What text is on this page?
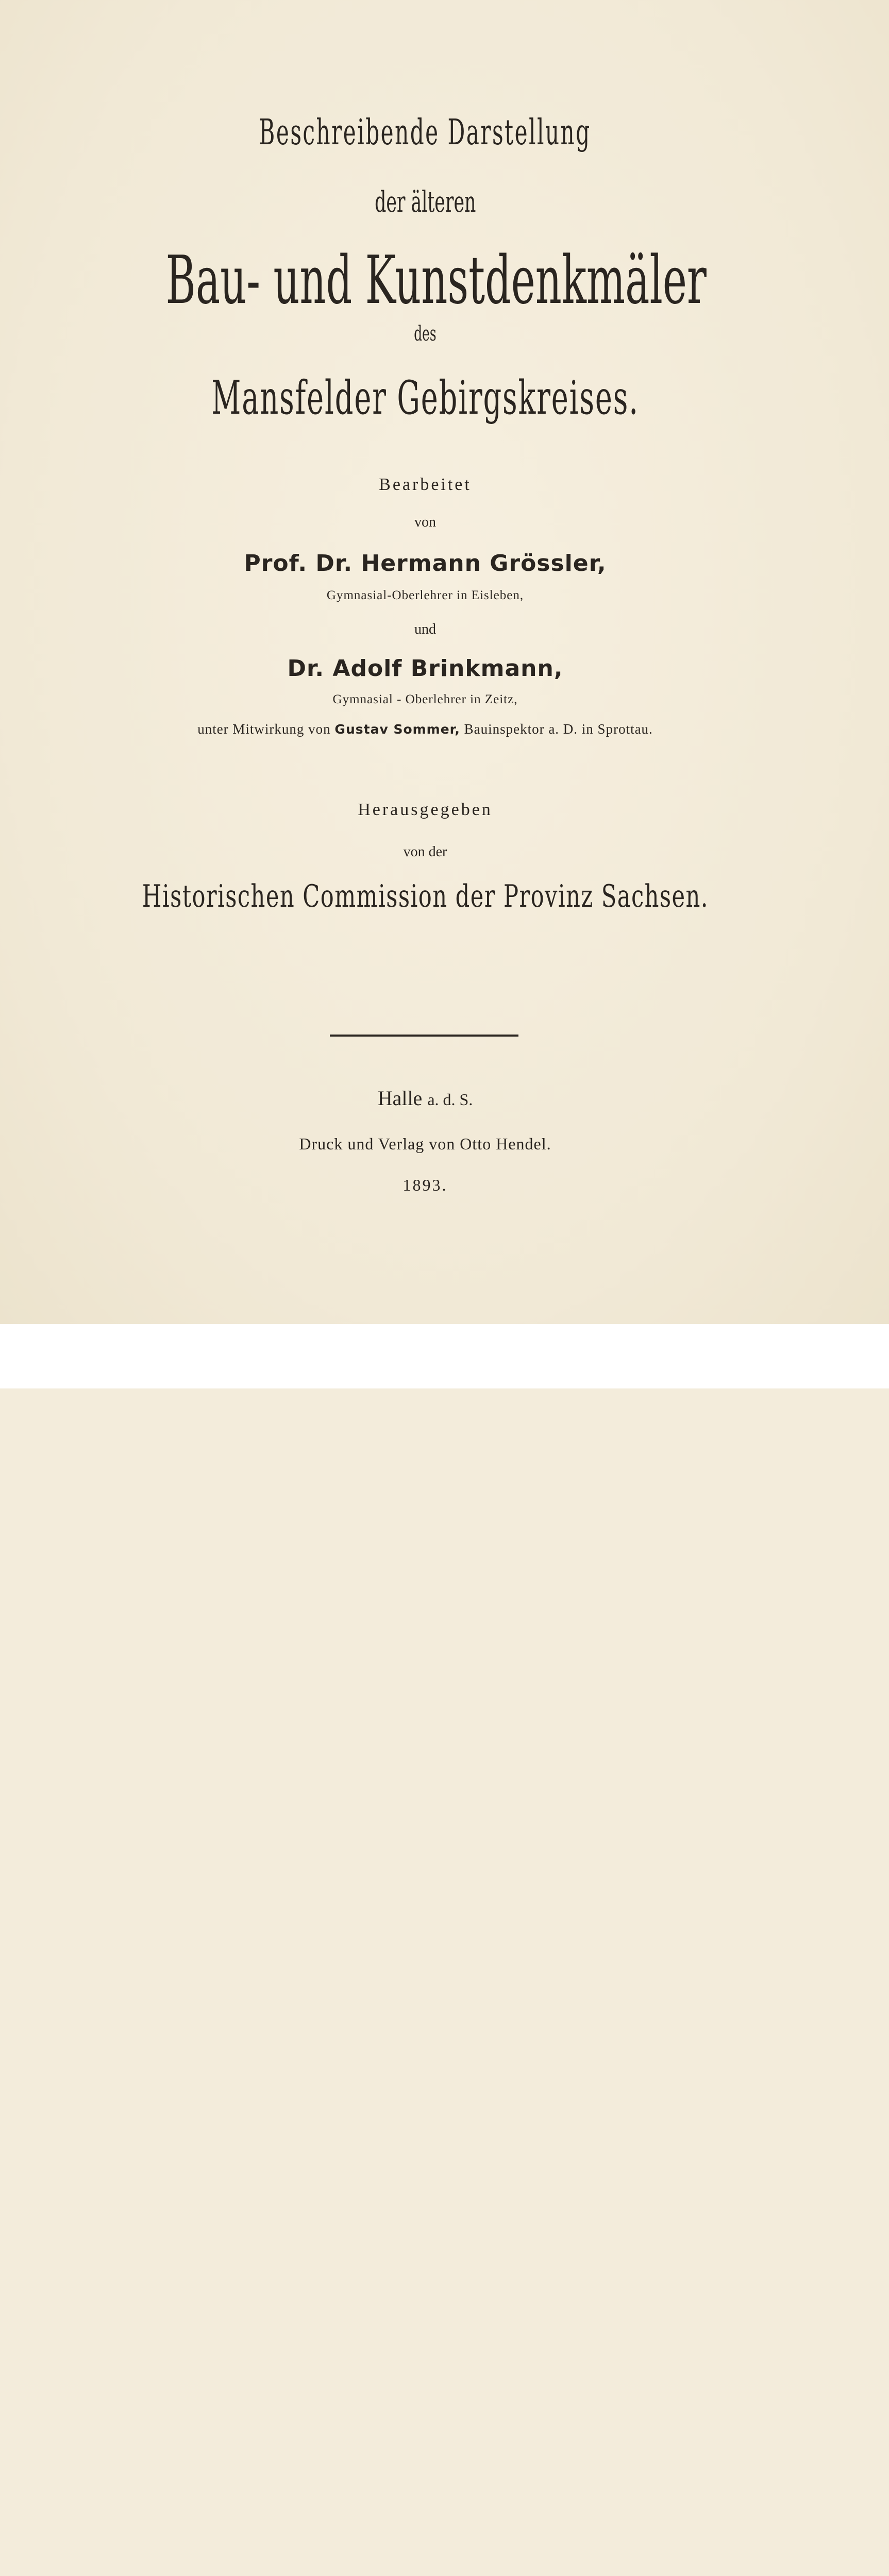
Beschreibende Darstellung
der älteren
Bau- und Kunstdenkmäler
des
Mansfelder Gebirgskreises.
Bearbeitet
von
Prof. Dr. Hermann Grössler,
Gymnasial-Oberlehrer in Eisleben,
und
Dr. Adolf Brinkmann,
Gymnasial - Oberlehrer in Zeitz,
unter Mitwirkung von Gustav Sommer, Bauinspektor a. D. in Sprottau.
Herausgegeben
von der
Historischen Commission der Provinz Sachsen.
Halle a. d. S.
Druck und Verlag von Otto Hendel.
1893.
